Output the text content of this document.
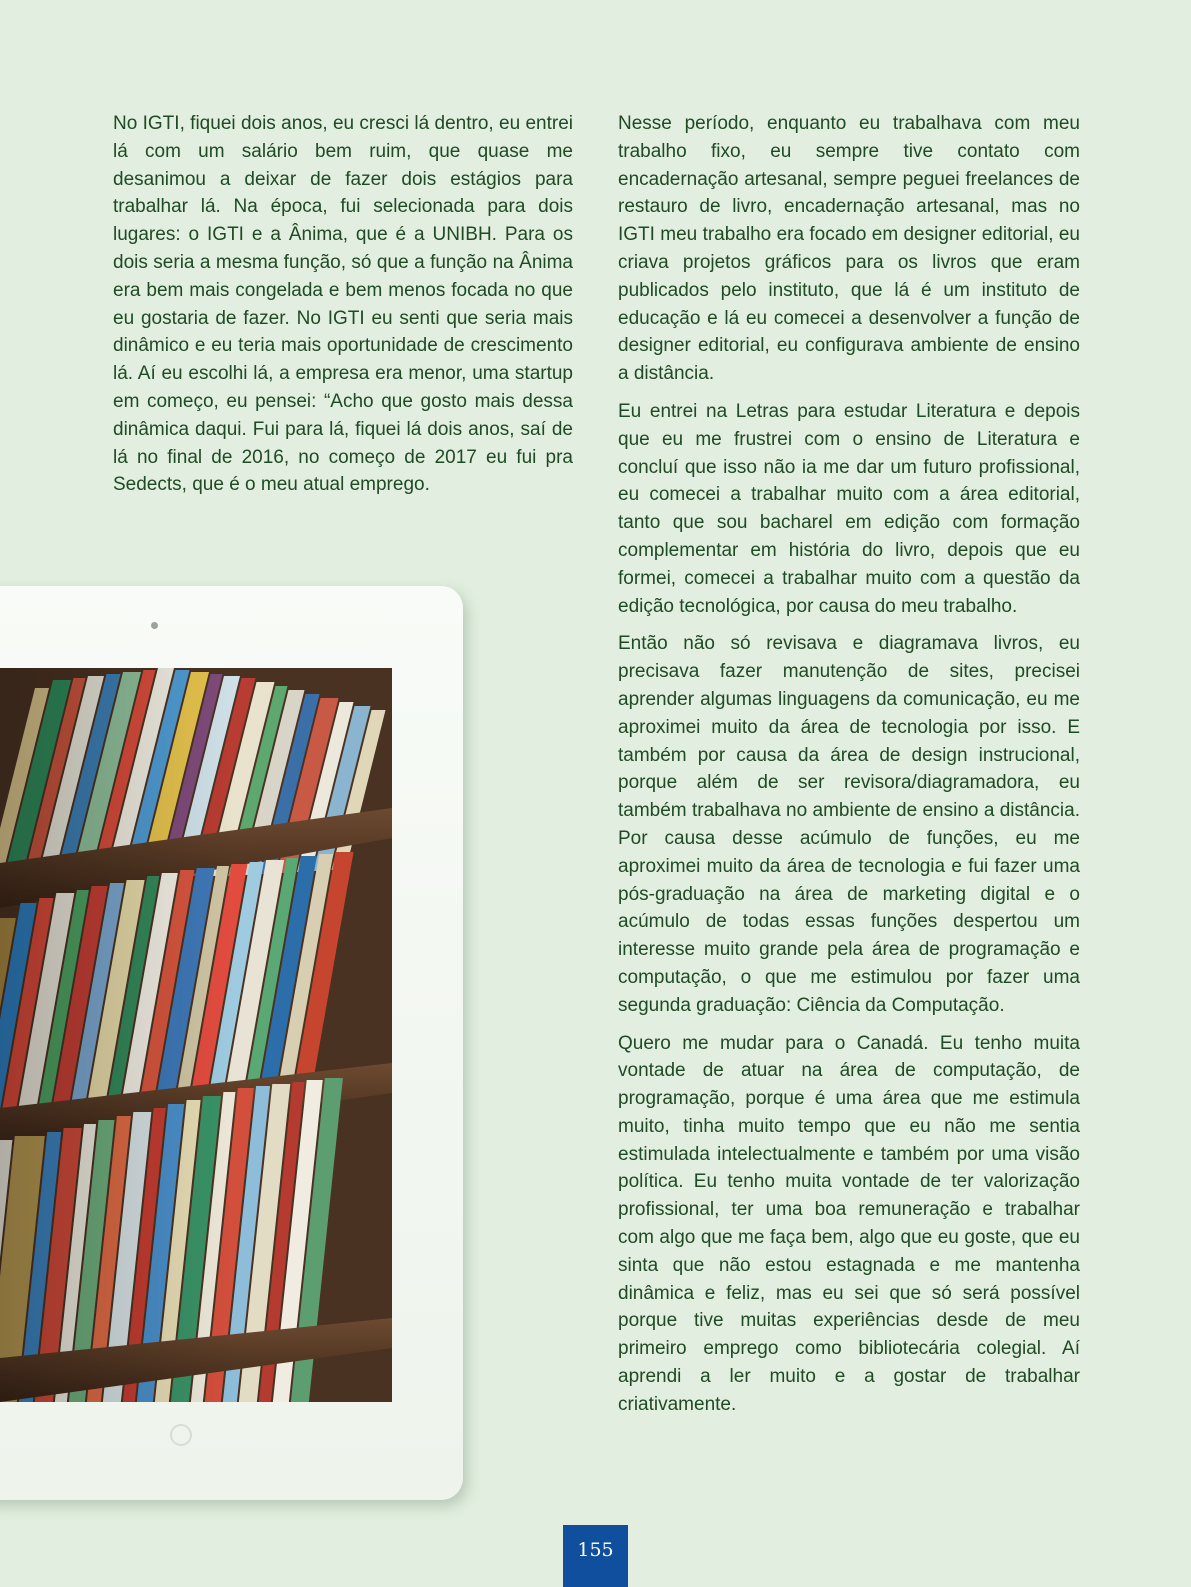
No IGTI, fiquei dois anos, eu cresci lá dentro, eu entrei lá com um salário bem ruim, que quase me desanimou a deixar de fazer dois estágios para trabalhar lá. Na época, fui selecionada para dois lugares: o IGTI e a Ânima, que é a UNIBH. Para os dois seria a mesma função, só que a função na Ânima era bem mais congelada e bem menos focada no que eu gostaria de fazer. No IGTI eu senti que seria mais dinâmico e eu teria mais oportunidade de crescimento lá. Aí eu escolhi lá, a empresa era menor, uma startup em começo, eu pensei: “Acho que gosto mais dessa dinâmica daqui. Fui para lá, fiquei lá dois anos, saí de lá no final de 2016, no começo de 2017 eu fui pra Sedects, que é o meu atual emprego.

Nesse período, enquanto eu trabalhava com meu trabalho fixo, eu sempre tive contato com encadernação artesanal, sempre peguei freelances de restauro de livro, encadernação artesanal, mas no IGTI meu trabalho era focado em designer editorial, eu criava projetos gráficos para os livros que eram publicados pelo instituto, que lá é um instituto de educação e lá eu comecei a desenvolver a função de designer editorial, eu configurava ambiente de ensino a distância.

Eu entrei na Letras para estudar Literatura e depois que eu me frustrei com o ensino de Literatura e concluí que isso não ia me dar um futuro profissional, eu comecei a trabalhar muito com a área editorial, tanto que sou bacharel em edição com formação complementar em história do livro, depois que eu formei, comecei a trabalhar muito com a questão da edição tecnológica, por causa do meu trabalho.

Então não só revisava e diagramava livros, eu precisava fazer manutenção de sites, precisei aprender algumas linguagens da comunicação, eu me aproximei muito da área de tecnologia por isso. E também por causa da área de design instrucional, porque além de ser revisora/diagramadora, eu também trabalhava no ambiente de ensino a distância. Por causa desse acúmulo de funções, eu me aproximei muito da área de tecnologia e fui fazer uma pós-graduação na área de marketing digital e o acúmulo de todas essas funções despertou um interesse muito grande pela área de programação e computação, o que me estimulou por fazer uma segunda graduação: Ciência da Computação.

Quero me mudar para o Canadá. Eu tenho muita vontade de atuar na área de computação, de programação, porque é uma área que me estimula muito, tinha muito tempo que eu não me sentia estimulada intelectualmente e também por uma visão política. Eu tenho muita vontade de ter valorização profissional, ter uma boa remuneração e trabalhar com algo que me faça bem, algo que eu goste, que eu sinta que não estou estagnada e me mantenha dinâmica e feliz, mas eu sei que só será possível porque tive muitas experiências desde de meu primeiro emprego como bibliotecária colegial. Aí aprendi a ler muito e a gostar de trabalhar criativamente.

155
